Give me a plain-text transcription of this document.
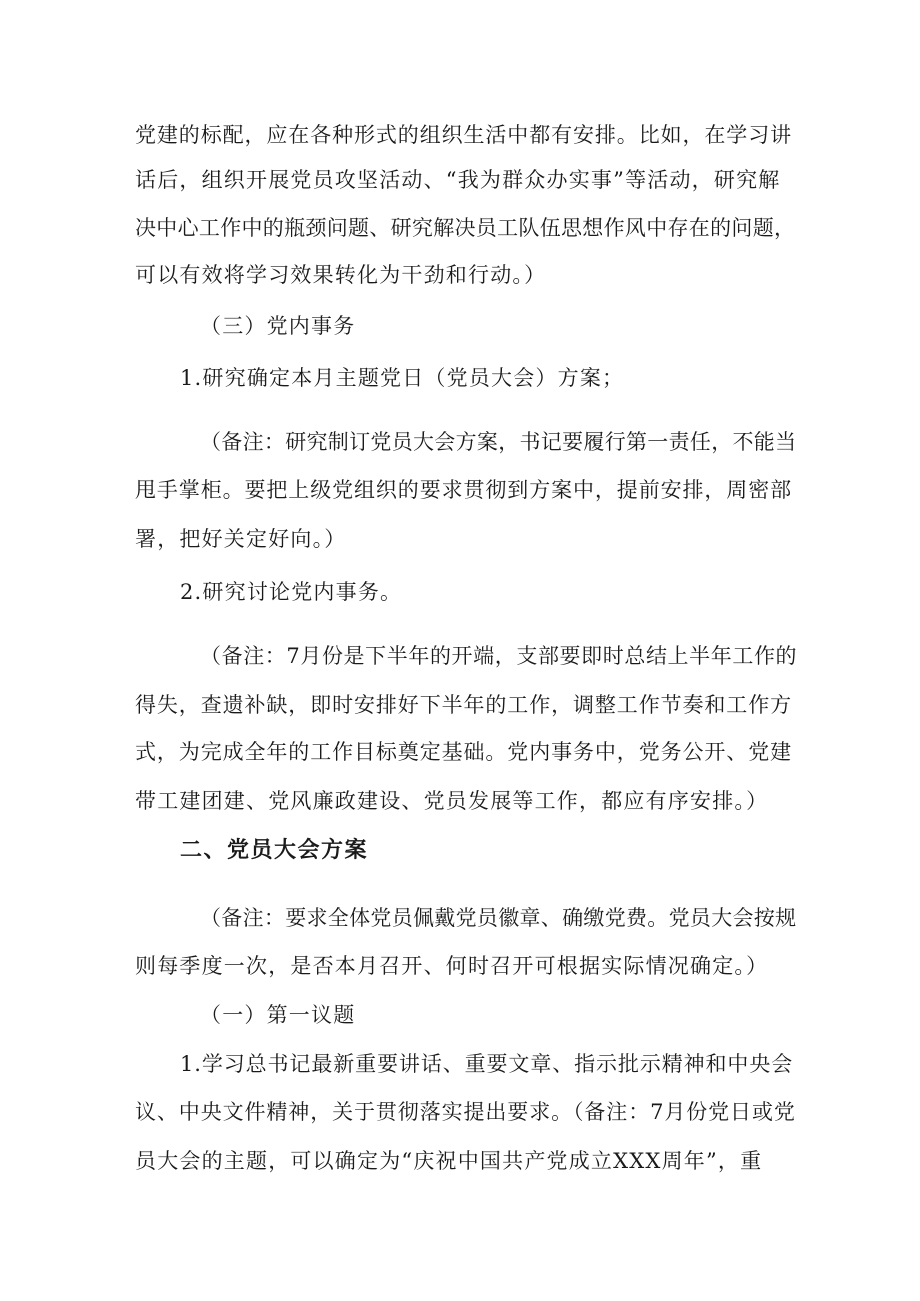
党建的标配，应在各种形式的组织生活中都有安排。比如，在学习讲
话后，组织开展党员攻坚活动、“我为群众办实事”等活动，研究解
决中心工作中的瓶颈问题、研究解决员工队伍思想作风中存在的问题，
可以有效将学习效果转化为干劲和行动。）
（三）党内事务
1.研究确定本月主题党日（党员大会）方案；
（备注：研究制订党员大会方案，书记要履行第一责任，不能当
甩手掌柜。要把上级党组织的要求贯彻到方案中，提前安排，周密部
署，把好关定好向。）
2.研究讨论党内事务。
（备注：7月份是下半年的开端，支部要即时总结上半年工作的
得失，查遗补缺，即时安排好下半年的工作，调整工作节奏和工作方
式，为完成全年的工作目标奠定基础。党内事务中，党务公开、党建
带工建团建、党风廉政建设、党员发展等工作，都应有序安排。）
二、党员大会方案
（备注：要求全体党员佩戴党员徽章、确缴党费。党员大会按规
则每季度一次，是否本月召开、何时召开可根据实际情况确定。）
（一）第一议题
1.学习总书记最新重要讲话、重要文章、指示批示精神和中央会
议、中央文件精神，关于贯彻落实提出要求。（备注：7月份党日或党
员大会的主题，可以确定为“庆祝中国共产党成立XXX周年”，重
